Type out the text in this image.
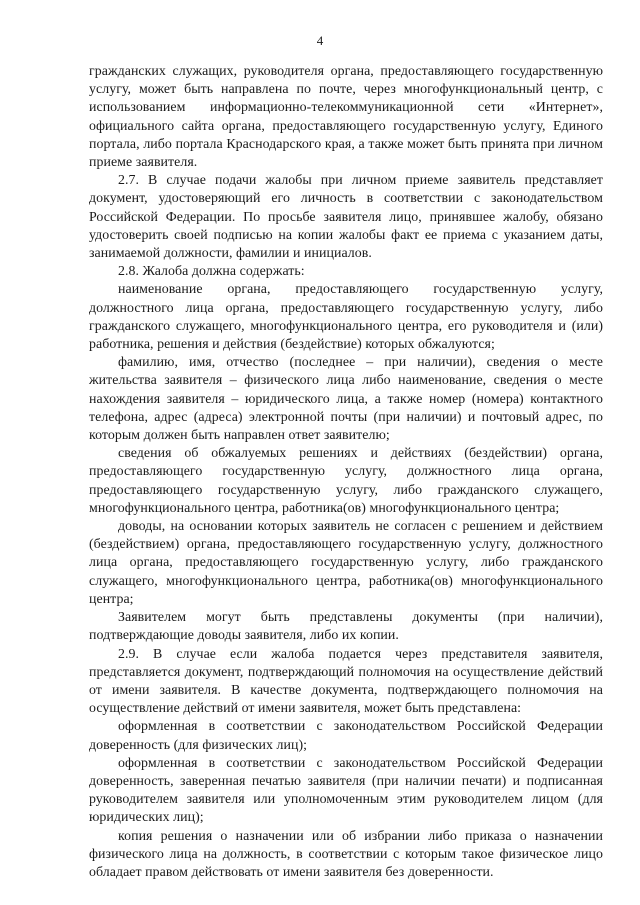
4

гражданских служащих, руководителя органа, предоставляющего государственную услугу, может быть направлена по почте, через многофункциональный центр, с использованием информационно-телекоммуникационной сети «Интернет», официального сайта органа, предоставляющего государственную услугу, Единого портала, либо портала Краснодарского края, а также может быть принята при личном приеме заявителя.

2.7. В случае подачи жалобы при личном приеме заявитель представляет документ, удостоверяющий его личность в соответствии с законодательством Российской Федерации. По просьбе заявителя лицо, принявшее жалобу, обязано удостоверить своей подписью на копии жалобы факт ее приема с указанием даты, занимаемой должности, фамилии и инициалов.

2.8. Жалоба должна содержать:

наименование органа, предоставляющего государственную услугу, должностного лица органа, предоставляющего государственную услугу, либо гражданского служащего, многофункционального центра, его руководителя и (или) работника, решения и действия (бездействие) которых обжалуются;

фамилию, имя, отчество (последнее – при наличии), сведения о месте жительства заявителя – физического лица либо наименование, сведения о месте нахождения заявителя – юридического лица, а также номер (номера) контактного телефона, адрес (адреса) электронной почты (при наличии) и почтовый адрес, по которым должен быть направлен ответ заявителю;

сведения об обжалуемых решениях и действиях (бездействии) органа, предоставляющего государственную услугу, должностного лица органа, предоставляющего государственную услугу, либо гражданского служащего, многофункционального центра, работника(ов) многофункционального центра;

доводы, на основании которых заявитель не согласен с решением и действием (бездействием) органа, предоставляющего государственную услугу, должностного лица органа, предоставляющего государственную услугу, либо гражданского служащего, многофункционального центра, работника(ов) многофункционального центра;

Заявителем могут быть представлены документы (при наличии), подтверждающие доводы заявителя, либо их копии.

2.9. В случае если жалоба подается через представителя заявителя, представляется документ, подтверждающий полномочия на осуществление действий от имени заявителя. В качестве документа, подтверждающего полномочия на осуществление действий от имени заявителя, может быть представлена:

оформленная в соответствии с законодательством Российской Федерации доверенность (для физических лиц);

оформленная в соответствии с законодательством Российской Федерации доверенность, заверенная печатью заявителя (при наличии печати) и подписанная руководителем заявителя или уполномоченным этим руководителем лицом (для юридических лиц);

копия решения о назначении или об избрании либо приказа о назначении физического лица на должность, в соответствии с которым такое физическое лицо обладает правом действовать от имени заявителя без доверенности.
